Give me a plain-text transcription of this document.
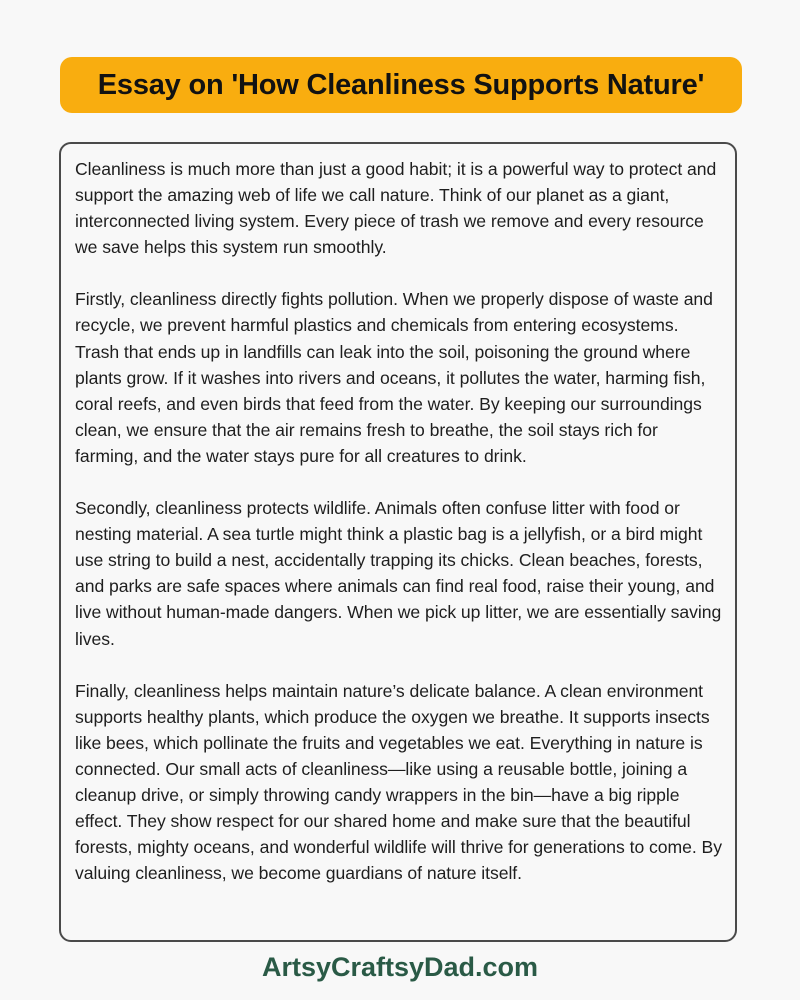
Essay on 'How Cleanliness Supports Nature'

Cleanliness is much more than just a good habit; it is a powerful way to protect and support the amazing web of life we call nature. Think of our planet as a giant, interconnected living system. Every piece of trash we remove and every resource we save helps this system run smoothly.

Firstly, cleanliness directly fights pollution. When we properly dispose of waste and recycle, we prevent harmful plastics and chemicals from entering ecosystems. Trash that ends up in landfills can leak into the soil, poisoning the ground where plants grow. If it washes into rivers and oceans, it pollutes the water, harming fish, coral reefs, and even birds that feed from the water. By keeping our surroundings clean, we ensure that the air remains fresh to breathe, the soil stays rich for farming, and the water stays pure for all creatures to drink.

Secondly, cleanliness protects wildlife. Animals often confuse litter with food or nesting material. A sea turtle might think a plastic bag is a jellyfish, or a bird might use string to build a nest, accidentally trapping its chicks. Clean beaches, forests, and parks are safe spaces where animals can find real food, raise their young, and live without human-made dangers. When we pick up litter, we are essentially saving lives.

Finally, cleanliness helps maintain nature’s delicate balance. A clean environment supports healthy plants, which produce the oxygen we breathe. It supports insects like bees, which pollinate the fruits and vegetables we eat. Everything in nature is connected. Our small acts of cleanliness—like using a reusable bottle, joining a cleanup drive, or simply throwing candy wrappers in the bin—have a big ripple effect. They show respect for our shared home and make sure that the beautiful forests, mighty oceans, and wonderful wildlife will thrive for generations to come. By valuing cleanliness, we become guardians of nature itself.

ArtsyCraftsyDad.com
